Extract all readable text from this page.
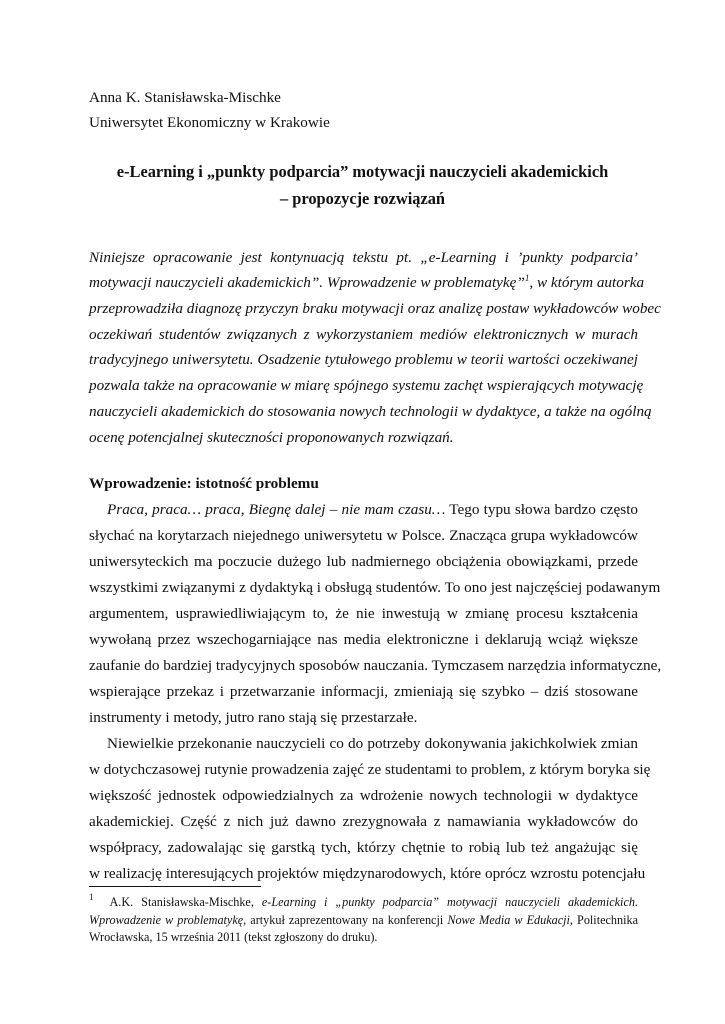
Anna K. Stanisławska-Mischke
Uniwersytet Ekonomiczny w Krakowie
e-Learning i „punkty podparcia” motywacji nauczycieli akademickich
– propozycje rozwiązań
Niniejsze opracowanie jest kontynuacją tekstu pt. „e-Learning i ’punkty podparcia’
motywacji nauczycieli akademickich”. Wprowadzenie w problematykę”$^1$, w którym autorka
przeprowadziła diagnozę przyczyn braku motywacji oraz analizę postaw wykładowców wobec
oczekiwań studentów związanych z wykorzystaniem mediów elektronicznych w murach
tradycyjnego uniwersytetu. Osadzenie tytułowego problemu w teorii wartości oczekiwanej
pozwala także na opracowanie w miarę spójnego systemu zachęt wspierających motywację
nauczycieli akademickich do stosowania nowych technologii w dydaktyce, a także na ogólną
ocenę potencjalnej skuteczności proponowanych rozwiązań.
Wprowadzenie: istotność problemu
Praca, praca… praca, Biegnę dalej – nie mam czasu… Tego typu słowa bardzo często
słychać na korytarzach niejednego uniwersytetu w Polsce. Znacząca grupa wykładowców
uniwersyteckich ma poczucie dużego lub nadmiernego obciążenia obowiązkami, przede
wszystkimi związanymi z dydaktyką i obsługą studentów. To ono jest najczęściej podawanym
argumentem, usprawiedliwiającym to, że nie inwestują w zmianę procesu kształcenia
wywołaną przez wszechogarniające nas media elektroniczne i deklarują wciąż większe
zaufanie do bardziej tradycyjnych sposobów nauczania. Tymczasem narzędzia informatyczne,
wspierające przekaz i przetwarzanie informacji, zmieniają się szybko – dziś stosowane
instrumenty i metody, jutro rano stają się przestarzałe.
Niewielkie przekonanie nauczycieli co do potrzeby dokonywania jakichkolwiek zmian
w dotychczasowej rutynie prowadzenia zajęć ze studentami to problem, z którym boryka się
większość jednostek odpowiedzialnych za wdrożenie nowych technologii w dydaktyce
akademickiej. Część z nich już dawno zrezygnowała z namawiania wykładowców do
współpracy, zadowalając się garstką tych, którzy chętnie to robią lub też angażując się
w realizację interesujących projektów międzynarodowych, które oprócz wzrostu potencjału
$^1$ A.K. Stanisławska-Mischke, e-Learning i „punkty podparcia” motywacji nauczycieli akademickich.
Wprowadzenie w problematykę, artykuł zaprezentowany na konferencji Nowe Media w Edukacji, Politechnika
Wrocławska, 15 września 2011 (tekst zgłoszony do druku).
